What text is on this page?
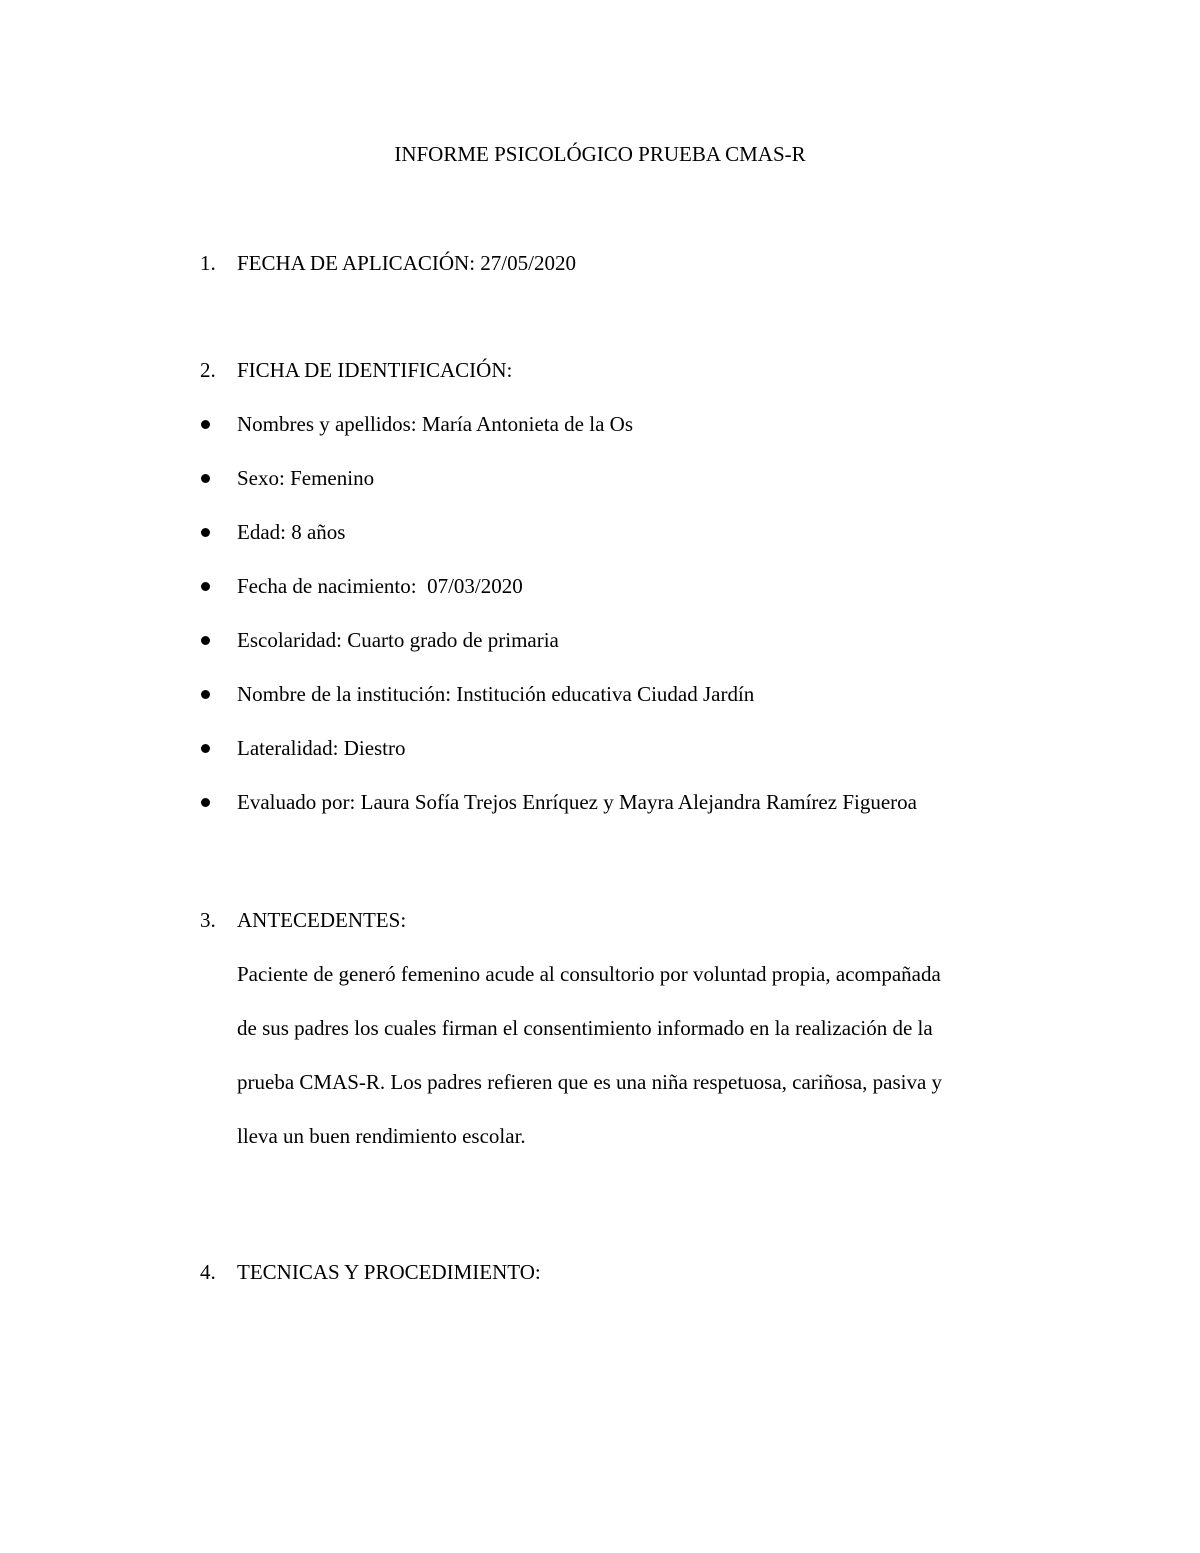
INFORME PSICOLÓGICO PRUEBA CMAS-R
1. FECHA DE APLICACIÓN: 27/05/2020
2. FICHA DE IDENTIFICACIÓN:
Nombres y apellidos: María Antonieta de la Os
Sexo: Femenino
Edad: 8 años
Fecha de nacimiento:  07/03/2020
Escolaridad: Cuarto grado de primaria
Nombre de la institución: Institución educativa Ciudad Jardín
Lateralidad: Diestro
Evaluado por: Laura Sofía Trejos Enríquez y Mayra Alejandra Ramírez Figueroa
3. ANTECEDENTES:
Paciente de generó femenino acude al consultorio por voluntad propia, acompañada
de sus padres los cuales firman el consentimiento informado en la realización de la
prueba CMAS-R. Los padres refieren que es una niña respetuosa, cariñosa, pasiva y
lleva un buen rendimiento escolar.
4. TECNICAS Y PROCEDIMIENTO:
